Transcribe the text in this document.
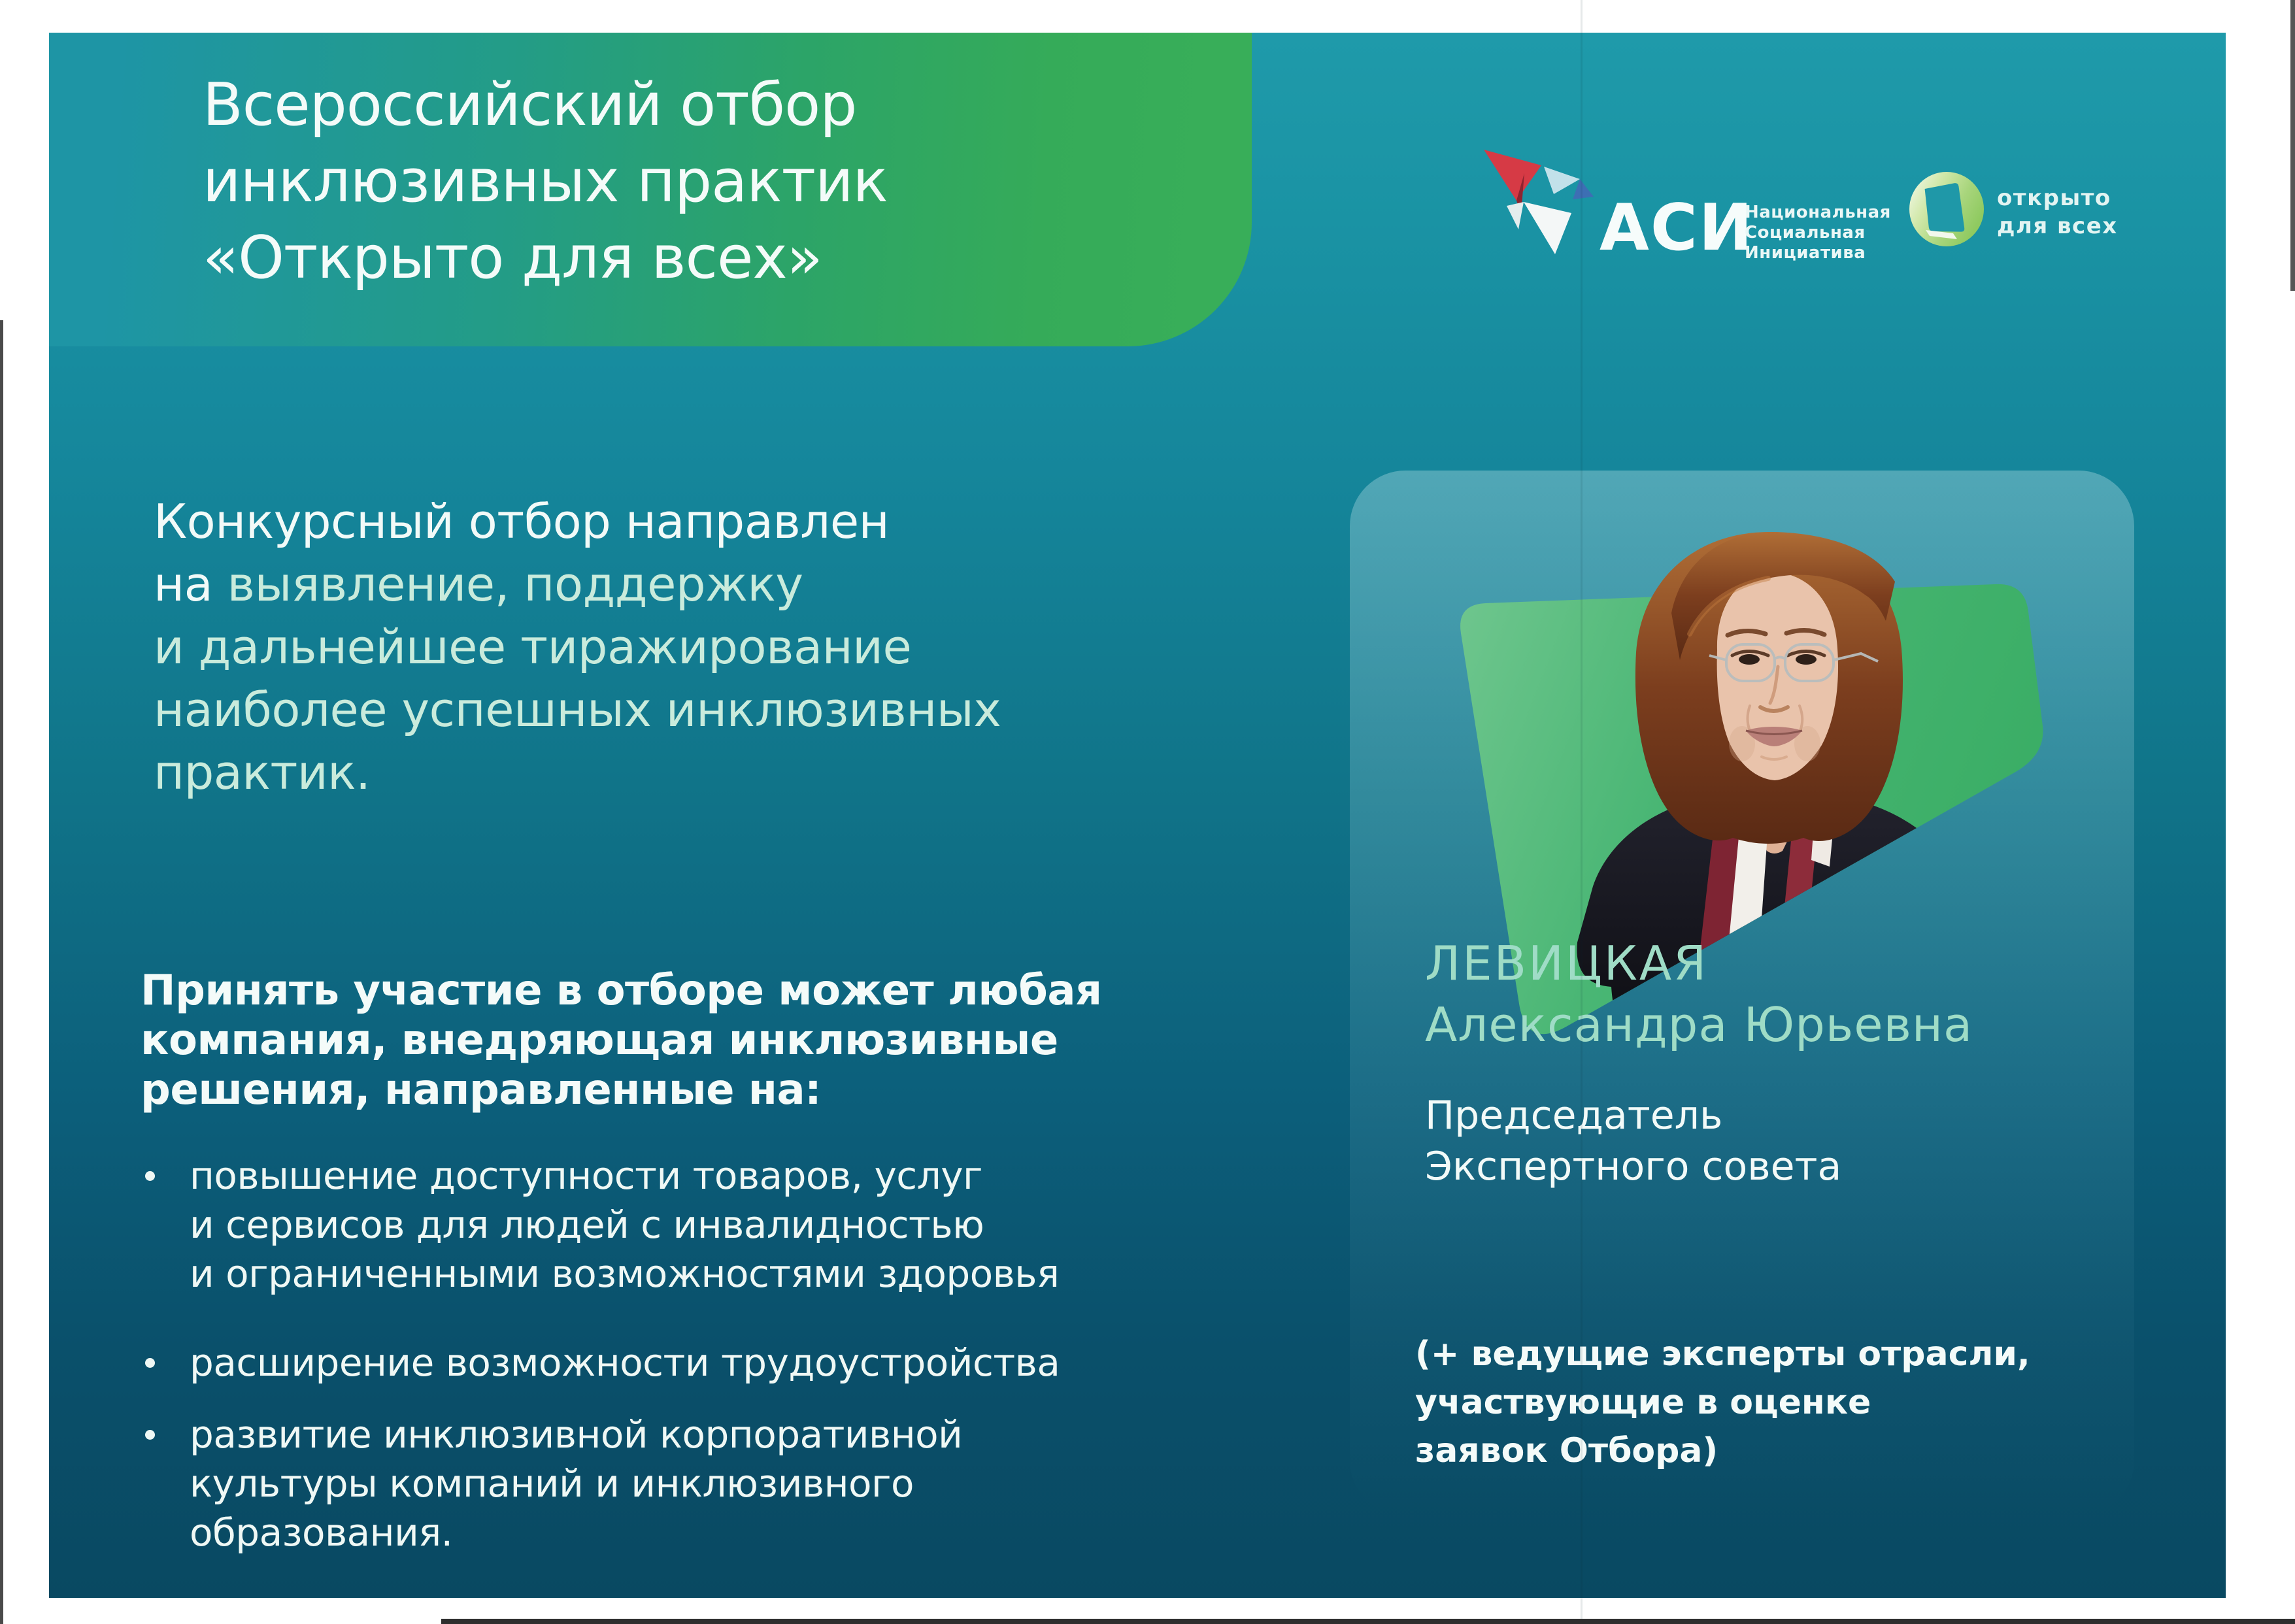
Всероссийский отбор
инклюзивных практик
«Открыто для всех»	АСИ
Национальная
Социальная
Инициатива
открыто
для всех
Конкурсный отбор направлен
на выявление, поддержку
и дальнейшее тиражирование
наиболее успешных инклюзивных
практик.
Принять участие в отборе может любая
компания, внедряющая инклюзивные
решения, направленные на:
повышение доступности товаров, услуг
и сервисов для людей с инвалидностью
и ограниченными возможностями здоровья
расширение возможности трудоустройства
развитие инклюзивной корпоративной
культуры компаний и инклюзивного
образования.
ЛЕВИЦКАЯ
Александра Юрьевна
Председатель
Экспертного совета
(+ ведущие эксперты отрасли,
участвующие в оценке
заявок Отбора)
